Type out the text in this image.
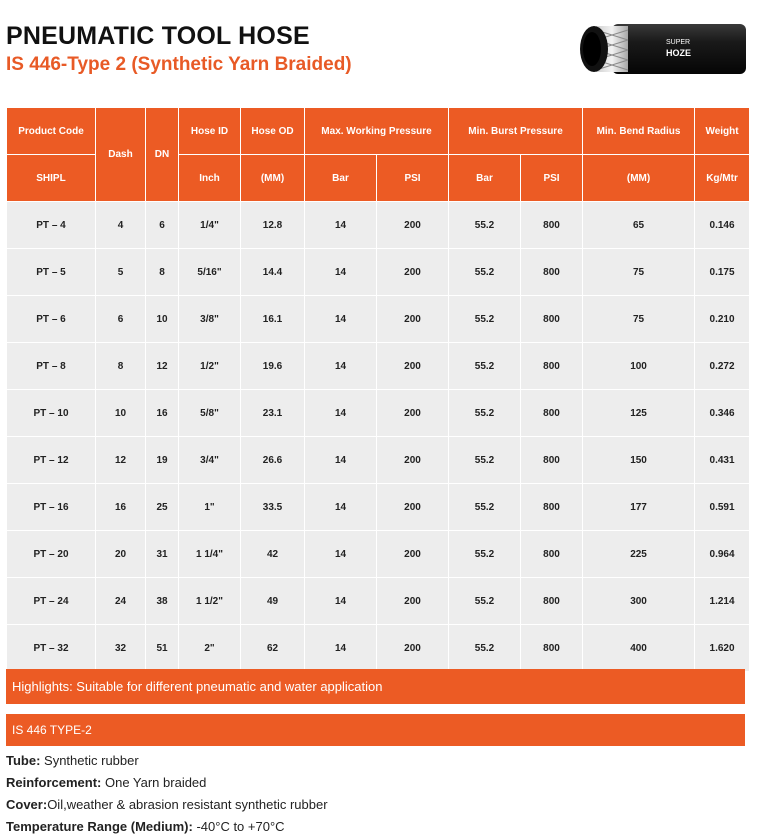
PNEUMATIC TOOL HOSE
IS 446-Type 2 (Synthetic Yarn Braided)
SUPER
HOZE
Product Code	Dash	DN	Hose ID	Hose OD	Max. Working Pressure		Min. Burst Pressure		Min. Bend Radius	Weight
SHIPL			Inch	(MM)	Bar	PSI	Bar	PSI	(MM)	Kg/Mtr
PT – 4	4	6	1/4"	12.8	14	200	55.2	800	65	0.146
PT – 5	5	8	5/16"	14.4	14	200	55.2	800	75	0.175
PT – 6	6	10	3/8"	16.1	14	200	55.2	800	75	0.210
PT – 8	8	12	1/2"	19.6	14	200	55.2	800	100	0.272
PT – 10	10	16	5/8"	23.1	14	200	55.2	800	125	0.346
PT – 12	12	19	3/4"	26.6	14	200	55.2	800	150	0.431
PT – 16	16	25	1"	33.5	14	200	55.2	800	177	0.591
PT – 20	20	31	1 1/4"	42	14	200	55.2	800	225	0.964
PT – 24	24	38	1 1/2"	49	14	200	55.2	800	300	1.214
PT – 32	32	51	2"	62	14	200	55.2	800	400	1.620
Highlights: Suitable for different pneumatic and water application
IS 446 TYPE-2
Tube: Synthetic rubber
Reinforcement: One Yarn braided
Cover:Oil,weather & abrasion resistant synthetic rubber
Temperature Range (Medium): -40°C to +70°C
